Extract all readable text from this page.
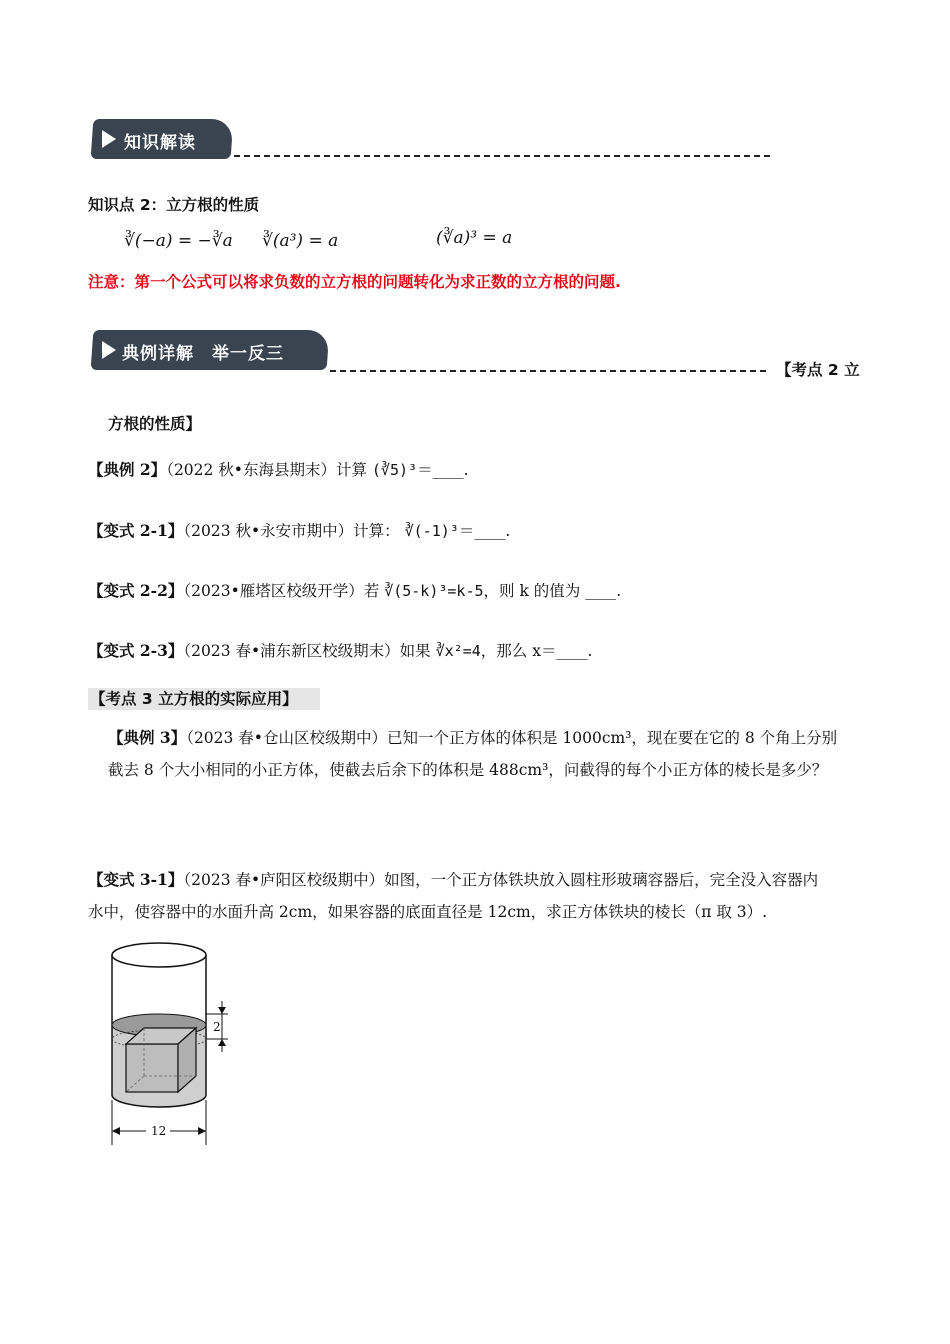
知识解读
知识点 2：立方根的性质
∛(−a) = −∛a ∛(a³) = a	(∛a)³ = a
注意：第一个公式可以将求负数的立方根的问题转化为求正数的立方根的问题.
典例详解　举一反三
【考点 2 立
方根的性质】
【典例 2】（2022 秋•东海县期末）计算 (∛5)³＝____.
【变式 2-1】（2023 秋•永安市期中）计算： ∛(-1)³＝____.
【变式 2-2】（2023•雁塔区校级开学）若 ∛(5-k)³=k-5，则 k 的值为 ____.
【变式 2-3】（2023 春•浦东新区校级期末）如果 ∛x²=4，那么 x＝____.
【考点 3 立方根的实际应用】
【典例 3】（2023 春•仓山区校级期中）已知一个正方体的体积是 1000cm³，现在要在它的 8 个角上分别
截去 8 个大小相同的小正方体，使截去后余下的体积是 488cm³，问截得的每个小正方体的棱长是多少？
【变式 3-1】（2023 春•庐阳区校级期中）如图，一个正方体铁块放入圆柱形玻璃容器后，完全没入容器内
水中，使容器中的水面升高 2cm，如果容器的底面直径是 12cm，求正方体铁块的棱长（π 取 3）.
2
12
